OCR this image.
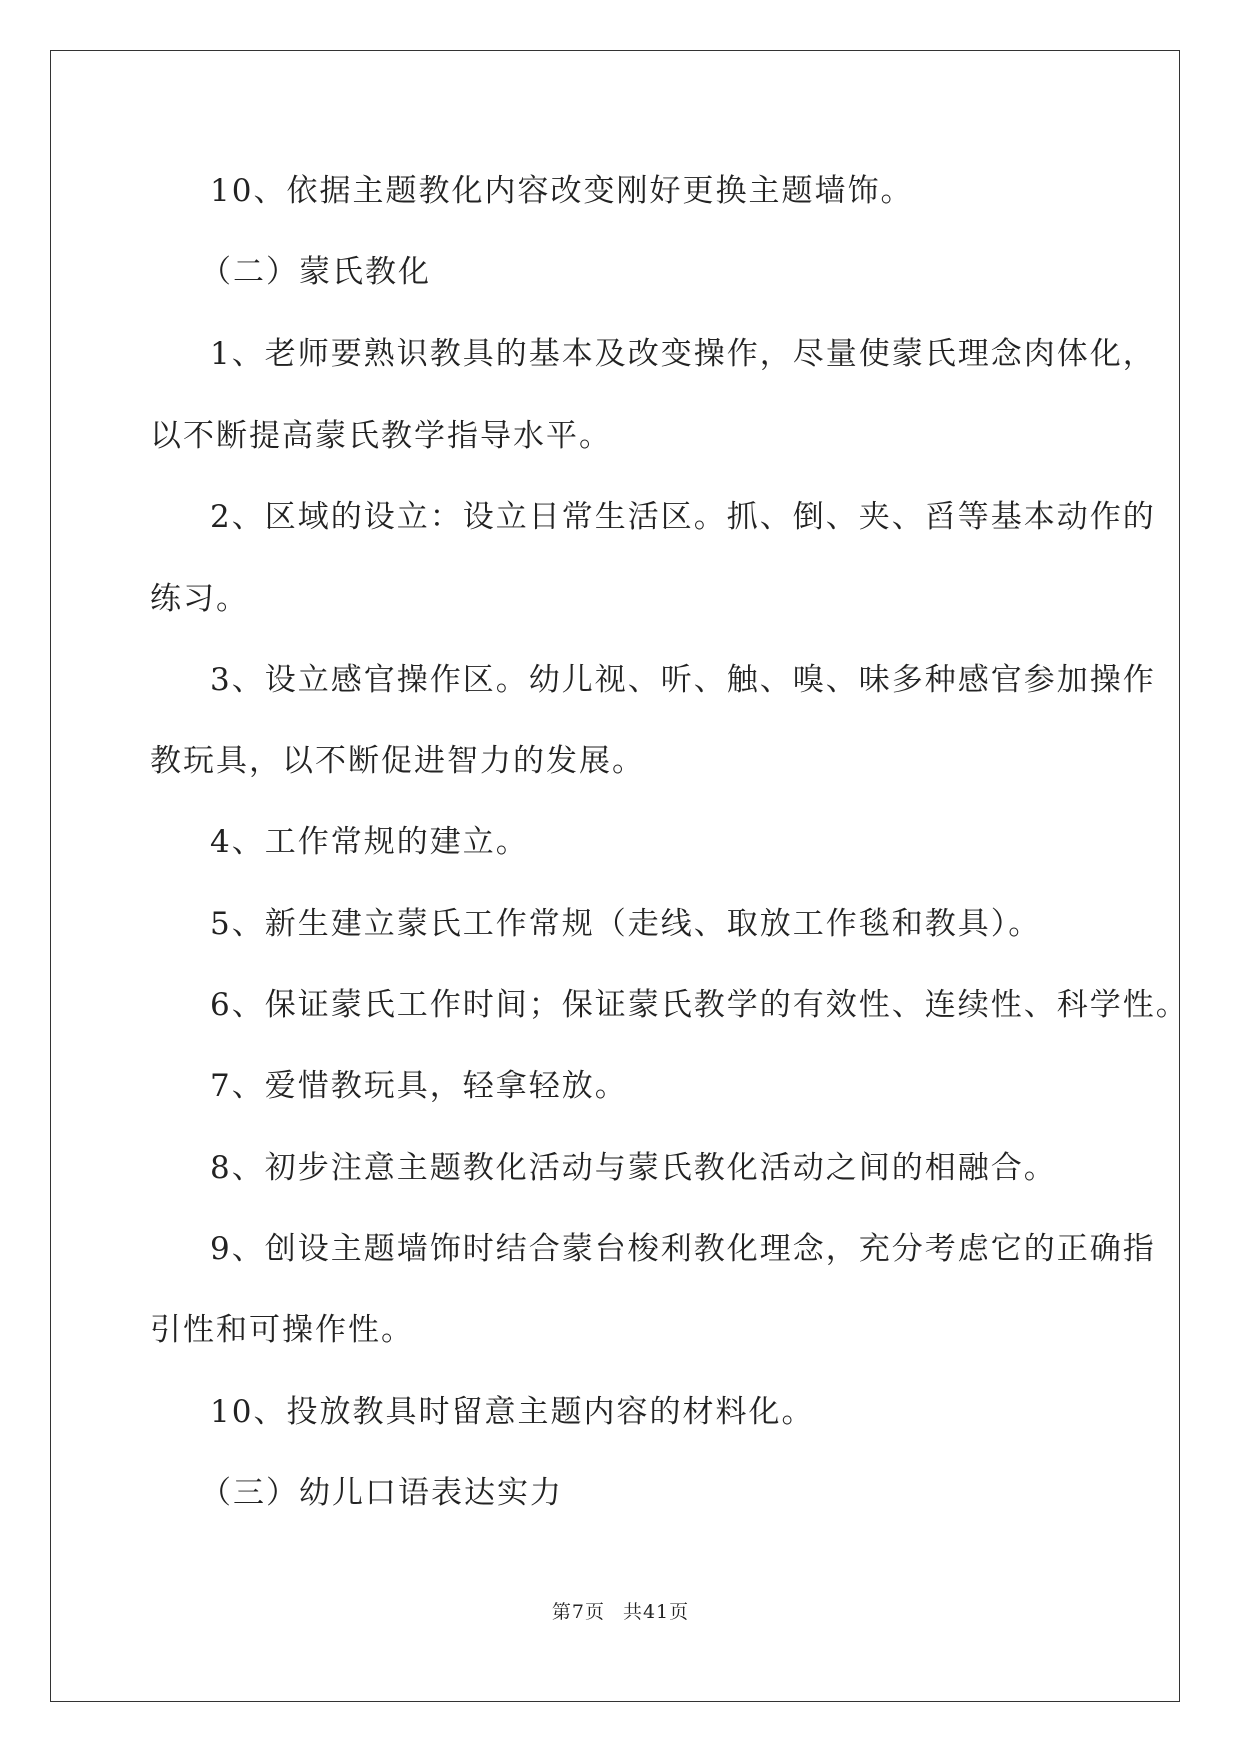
10、依据主题教化内容改变刚好更换主题墙饰。
（二）蒙氏教化
1、老师要熟识教具的基本及改变操作，尽量使蒙氏理念肉体化，
以不断提高蒙氏教学指导水平。
2、区域的设立：设立日常生活区。抓、倒、夹、舀等基本动作的
练习。
3、设立感官操作区。幼儿视、听、触、嗅、味多种感官参加操作
教玩具，以不断促进智力的发展。
4、工作常规的建立。
5、新生建立蒙氏工作常规（走线、取放工作毯和教具）。
6、保证蒙氏工作时间；保证蒙氏教学的有效性、连续性、科学性。
7、爱惜教玩具，轻拿轻放。
8、初步注意主题教化活动与蒙氏教化活动之间的相融合。
9、创设主题墙饰时结合蒙台梭利教化理念，充分考虑它的正确指
引性和可操作性。
10、投放教具时留意主题内容的材料化。
（三）幼儿口语表达实力
第7页 共41页
